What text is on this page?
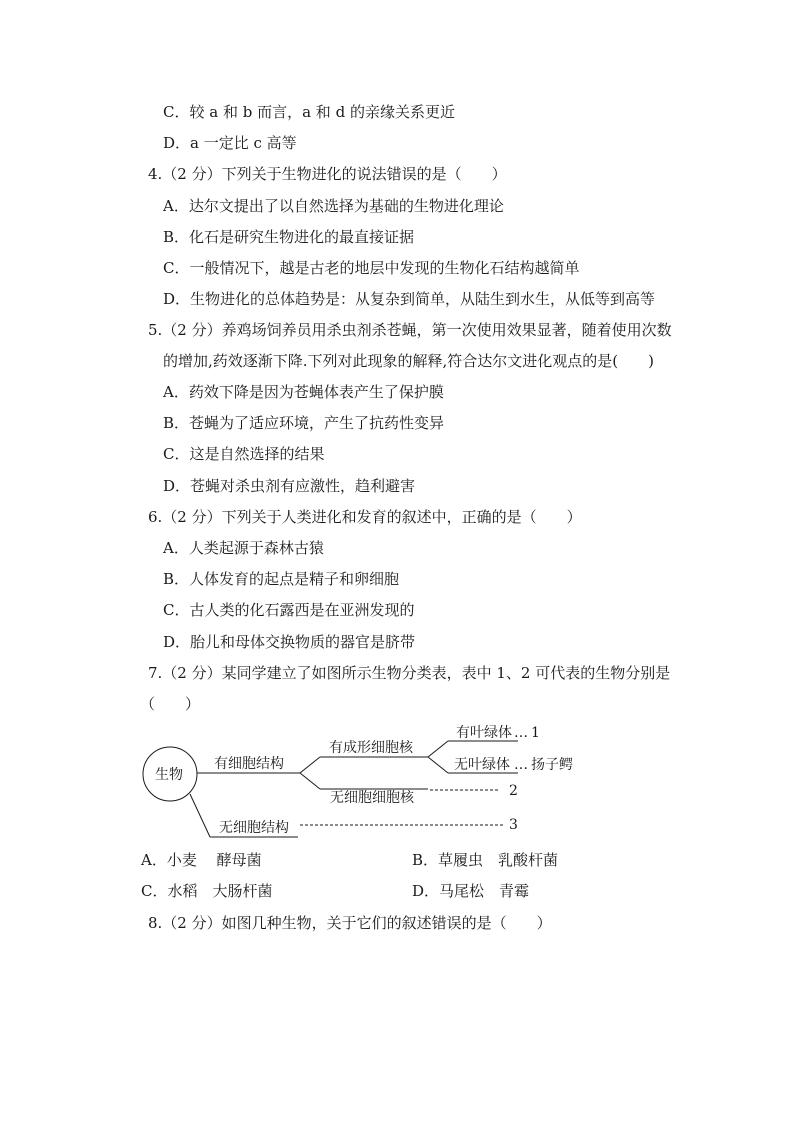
C．较 a 和 b 而言，a 和 d 的亲缘关系更近
D．a 一定比 c 高等
4.（2 分）下列关于生物进化的说法错误的是（　　）
A．达尔文提出了以自然选择为基础的生物进化理论
B．化石是研究生物进化的最直接证据
C．一般情况下，越是古老的地层中发现的生物化石结构越简单
D．生物进化的总体趋势是：从复杂到简单，从陆生到水生，从低等到高等
5.（2 分）养鸡场饲养员用杀虫剂杀苍蝇，第一次使用效果显著，随着使用次数
的增加,药效逐渐下降.下列对此现象的解释,符合达尔文进化观点的是(　　)
A．药效下降是因为苍蝇体表产生了保护膜
B．苍蝇为了适应环境，产生了抗药性变异
C．这是自然选择的结果
D．苍蝇对杀虫剂有应激性，趋利避害
6.（2 分）下列关于人类进化和发育的叙述中，正确的是（　　）
A．人类起源于森林古猿
B．人体发育的起点是精子和卵细胞
C．古人类的化石露西是在亚洲发现的
D．胎儿和母体交换物质的器官是脐带
7.（2 分）某同学建立了如图所示生物分类表，表中 1、2 可代表的生物分别是
（　　）
生物
有细胞结构
有成形细胞核
有叶绿体 … 1
无叶绿体 … 扬子鳄
无细胞细胞核	2
无细胞结构	3
A．小麦　 酵母菌	B．草履虫　乳酸杆菌
C．水稻　大肠杆菌	D．马尾松　青霉
8.（2 分）如图几种生物，关于它们的叙述错误的是（　　）
